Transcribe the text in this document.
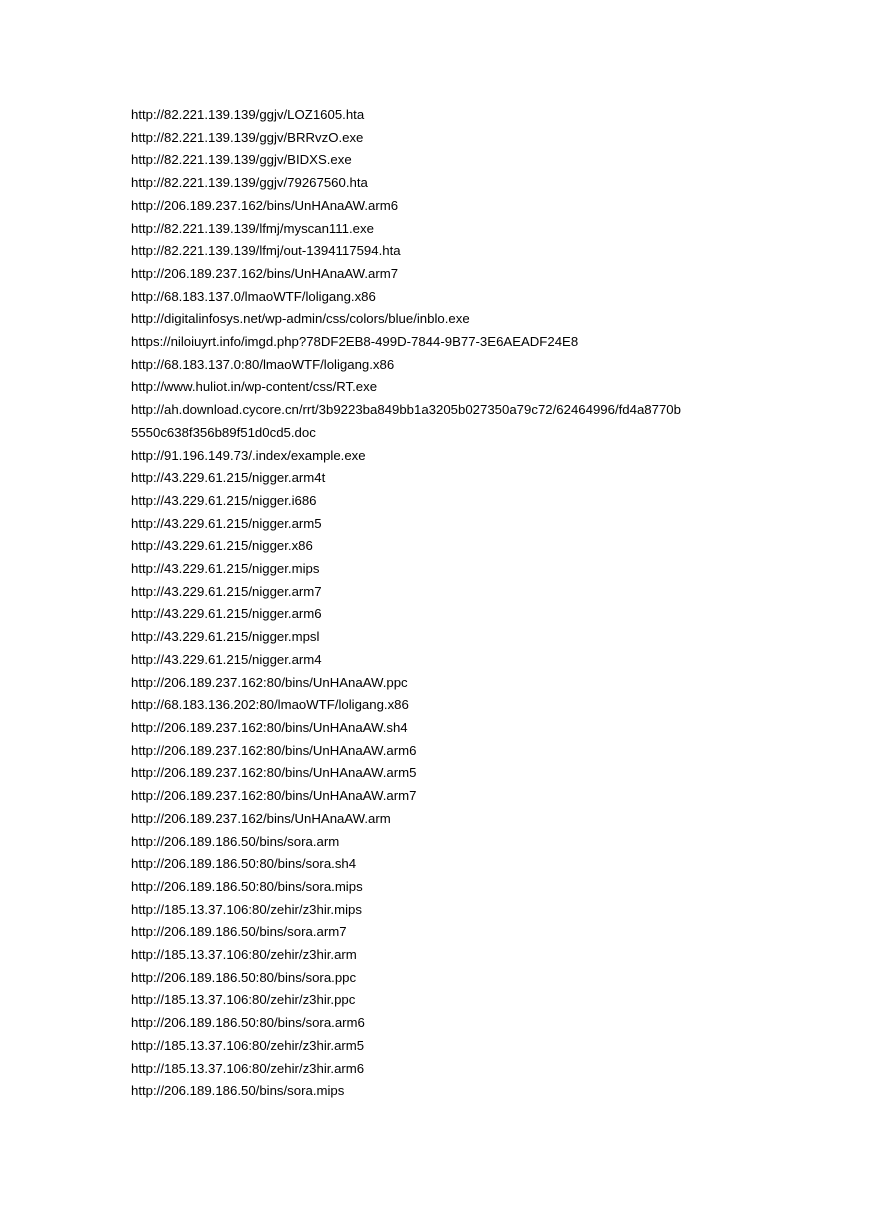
http://82.221.139.139/ggjv/LOZ1605.hta
http://82.221.139.139/ggjv/BRRvzO.exe
http://82.221.139.139/ggjv/BIDXS.exe
http://82.221.139.139/ggjv/79267560.hta
http://206.189.237.162/bins/UnHAnaAW.arm6
http://82.221.139.139/lfmj/myscan111.exe
http://82.221.139.139/lfmj/out-1394117594.hta
http://206.189.237.162/bins/UnHAnaAW.arm7
http://68.183.137.0/lmaoWTF/loligang.x86
http://digitalinfosys.net/wp-admin/css/colors/blue/inblo.exe
https://niloiuyrt.info/imgd.php?78DF2EB8-499D-7844-9B77-3E6AEADF24E8
http://68.183.137.0:80/lmaoWTF/loligang.x86
http://www.huliot.in/wp-content/css/RT.exe
http://ah.download.cycore.cn/rrt/3b9223ba849bb1a3205b027350a79c72/62464996/fd4a8770b
5550c638f356b89f51d0cd5.doc
http://91.196.149.73/.index/example.exe
http://43.229.61.215/nigger.arm4t
http://43.229.61.215/nigger.i686
http://43.229.61.215/nigger.arm5
http://43.229.61.215/nigger.x86
http://43.229.61.215/nigger.mips
http://43.229.61.215/nigger.arm7
http://43.229.61.215/nigger.arm6
http://43.229.61.215/nigger.mpsl
http://43.229.61.215/nigger.arm4
http://206.189.237.162:80/bins/UnHAnaAW.ppc
http://68.183.136.202:80/lmaoWTF/loligang.x86
http://206.189.237.162:80/bins/UnHAnaAW.sh4
http://206.189.237.162:80/bins/UnHAnaAW.arm6
http://206.189.237.162:80/bins/UnHAnaAW.arm5
http://206.189.237.162:80/bins/UnHAnaAW.arm7
http://206.189.237.162/bins/UnHAnaAW.arm
http://206.189.186.50/bins/sora.arm
http://206.189.186.50:80/bins/sora.sh4
http://206.189.186.50:80/bins/sora.mips
http://185.13.37.106:80/zehir/z3hir.mips
http://206.189.186.50/bins/sora.arm7
http://185.13.37.106:80/zehir/z3hir.arm
http://206.189.186.50:80/bins/sora.ppc
http://185.13.37.106:80/zehir/z3hir.ppc
http://206.189.186.50:80/bins/sora.arm6
http://185.13.37.106:80/zehir/z3hir.arm5
http://185.13.37.106:80/zehir/z3hir.arm6
http://206.189.186.50/bins/sora.mips
